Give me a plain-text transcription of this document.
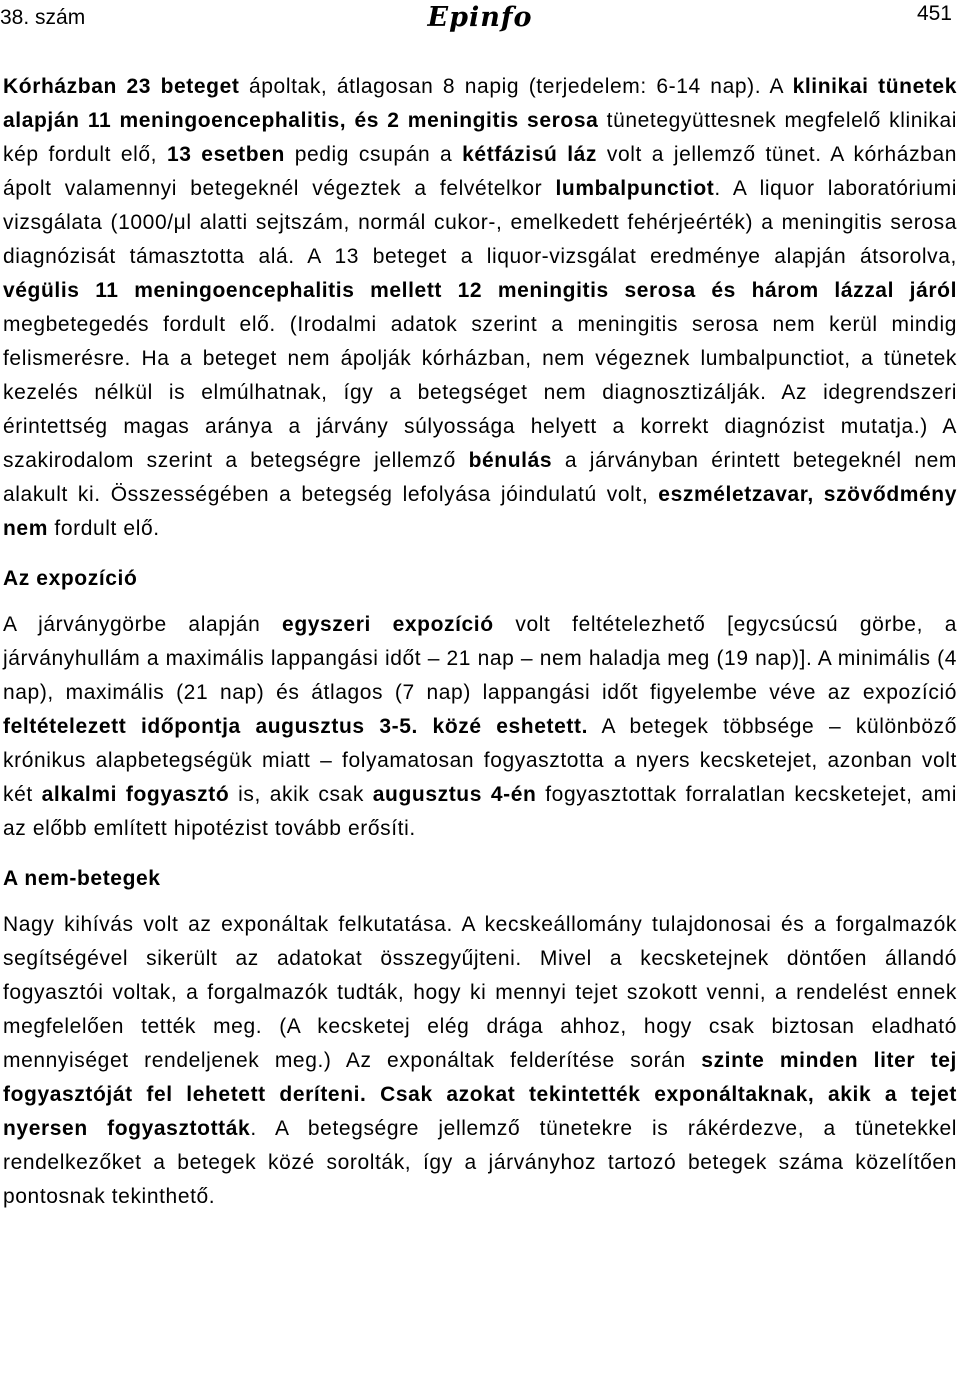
38. szám	Epinfo	451

Kórházban 23 beteget ápoltak, átlagosan 8 napig (terjedelem: 6-14 nap). A klinikai tünetek alapján 11 meningoencephalitis, és 2 meningitis serosa tünetegyüttesnek megfelelő klinikai kép fordult elő, 13 esetben pedig csupán a kétfázisú láz volt a jellemző tünet. A kórházban ápolt valamennyi betegeknél végeztek a felvételkor lumbalpunctiot. A liquor laboratóriumi vizsgálata (1000/μl alatti sejtszám, normál cukor-, emelkedett fehérjeérték) a meningitis serosa diagnózisát támasztotta alá. A 13 beteget a liquor-vizsgálat eredménye alapján átsorolva, végülis 11 meningoencephalitis mellett 12 meningitis serosa és három lázzal járól megbetegedés fordult elő. (Irodalmi adatok szerint a meningitis serosa nem kerül mindig felismerésre. Ha a beteget nem ápolják kórházban, nem végeznek lumbalpunctiot, a tünetek kezelés nélkül is elmúlhatnak, így a betegséget nem diagnosztizálják. Az idegrendszeri érintettség magas aránya a járvány súlyossága helyett a korrekt diagnózist mutatja.) A szakirodalom szerint a betegségre jellemző bénulás a járványban érintett betegeknél nem alakult ki. Összességében a betegség lefolyása jóindulatú volt, eszméletzavar, szövődmény nem fordult elő.

Az expozíció

A járványgörbe alapján egyszeri expozíció volt feltételezhető [egycsúcsú görbe, a járványhullám a maximális lappangási időt – 21 nap – nem haladja meg (19 nap)]. A minimális (4 nap), maximális (21 nap) és átlagos (7 nap) lappangási időt figyelembe véve az expozíció feltételezett időpontja augusztus 3-5. közé eshetett. A betegek többsége – különböző krónikus alapbetegségük miatt – folyamatosan fogyasztotta a nyers kecsketejet, azonban volt két alkalmi fogyasztó is, akik csak augusztus 4-én fogyasztottak forralatlan kecsketejet, ami az előbb említett hipotézist tovább erősíti.

A nem-betegek

Nagy kihívás volt az exponáltak felkutatása. A kecskeállomány tulajdonosai és a forgalmazók segítségével sikerült az adatokat összegyűjteni. Mivel a kecsketejnek döntően állandó fogyasztói voltak, a forgalmazók tudták, hogy ki mennyi tejet szokott venni, a rendelést ennek megfelelően tették meg. (A kecsketej elég drága ahhoz, hogy csak biztosan eladható mennyiséget rendeljenek meg.) Az exponáltak felderítése során szinte minden liter tej fogyasztóját fel lehetett deríteni. Csak azokat tekintették exponáltaknak, akik a tejet nyersen fogyasztották. A betegségre jellemző tünetekre is rákérdezve, a tünetekkel rendelkezőket a betegek közé sorolták, így a járványhoz tartozó betegek száma közelítően pontosnak tekinthető.
